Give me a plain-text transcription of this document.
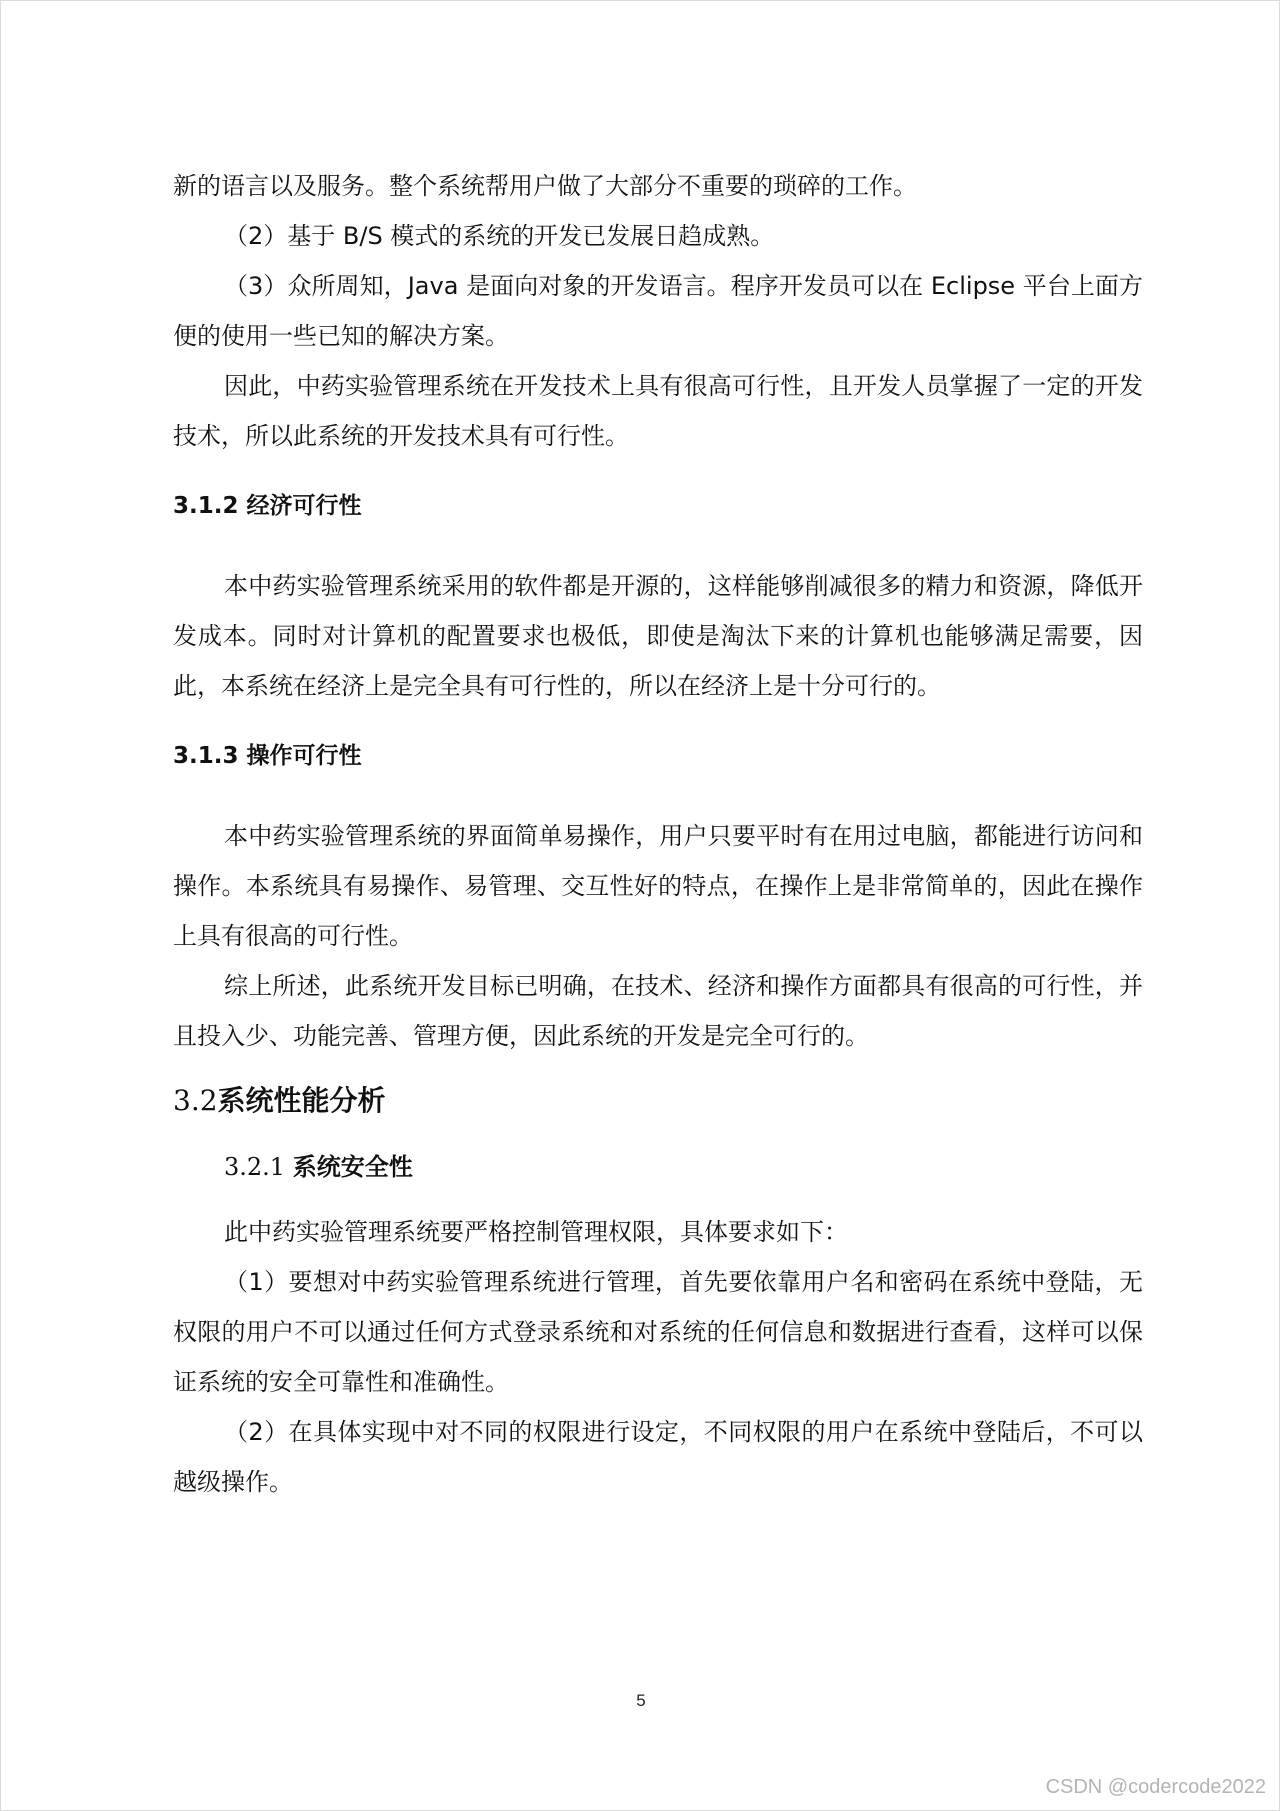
新的语言以及服务。整个系统帮用户做了大部分不重要的琐碎的工作。

（2）基于 B/S 模式的系统的开发已发展日趋成熟。

（3）众所周知，Java 是面向对象的开发语言。程序开发员可以在 Eclipse 平台上面方便的使用一些已知的解决方案。

因此，中药实验管理系统在开发技术上具有很高可行性，且开发人员掌握了一定的开发技术，所以此系统的开发技术具有可行性。

3.1.2 经济可行性

本中药实验管理系统采用的软件都是开源的，这样能够削减很多的精力和资源，降低开发成本。同时对计算机的配置要求也极低，即使是淘汰下来的计算机也能够满足需要，因此，本系统在经济上是完全具有可行性的，所以在经济上是十分可行的。

3.1.3 操作可行性

本中药实验管理系统的界面简单易操作，用户只要平时有在用过电脑，都能进行访问和操作。本系统具有易操作、易管理、交互性好的特点，在操作上是非常简单的，因此在操作上具有很高的可行性。

综上所述，此系统开发目标已明确，在技术、经济和操作方面都具有很高的可行性，并且投入少、功能完善、管理方便，因此系统的开发是完全可行的。

3.2系统性能分析

3.2.1 系统安全性

此中药实验管理系统要严格控制管理权限，具体要求如下：

（1）要想对中药实验管理系统进行管理，首先要依靠用户名和密码在系统中登陆，无权限的用户不可以通过任何方式登录系统和对系统的任何信息和数据进行查看，这样可以保证系统的安全可靠性和准确性。

（2）在具体实现中对不同的权限进行设定，不同权限的用户在系统中登陆后，不可以越级操作。

5
CSDN @codercode2022
